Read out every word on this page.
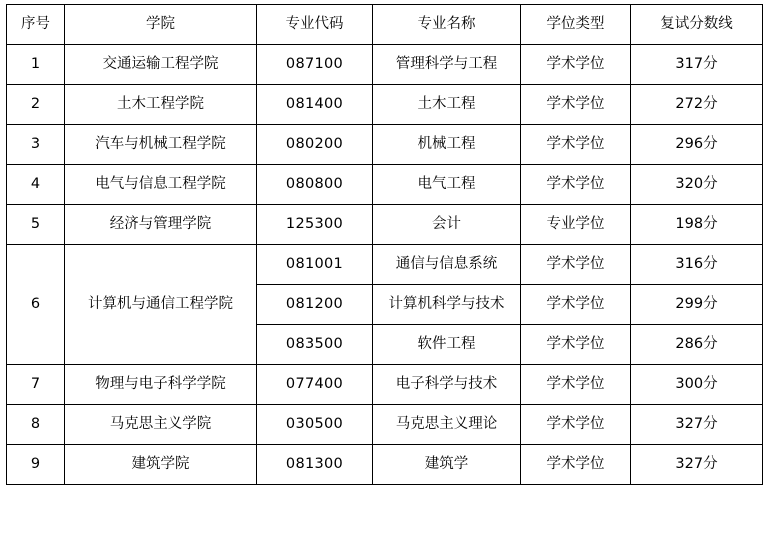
序号	学院	专业代码	专业名称	学位类型	复试分数线
1	交通运输工程学院	087100	管理科学与工程	学术学位	317分
2	土木工程学院	081400	土木工程	学术学位	272分
3	汽车与机械工程学院	080200	机械工程	学术学位	296分
4	电气与信息工程学院	080800	电气工程	学术学位	320分
5	经济与管理学院	125300	会计	专业学位	198分
6	计算机与通信工程学院	081001	通信与信息系统	学术学位	316分
		081200	计算机科学与技术	学术学位	299分
		083500	软件工程	学术学位	286分
7	物理与电子科学学院	077400	电子科学与技术	学术学位	300分
8	马克思主义学院	030500	马克思主义理论	学术学位	327分
9	建筑学院	081300	建筑学	学术学位	327分
